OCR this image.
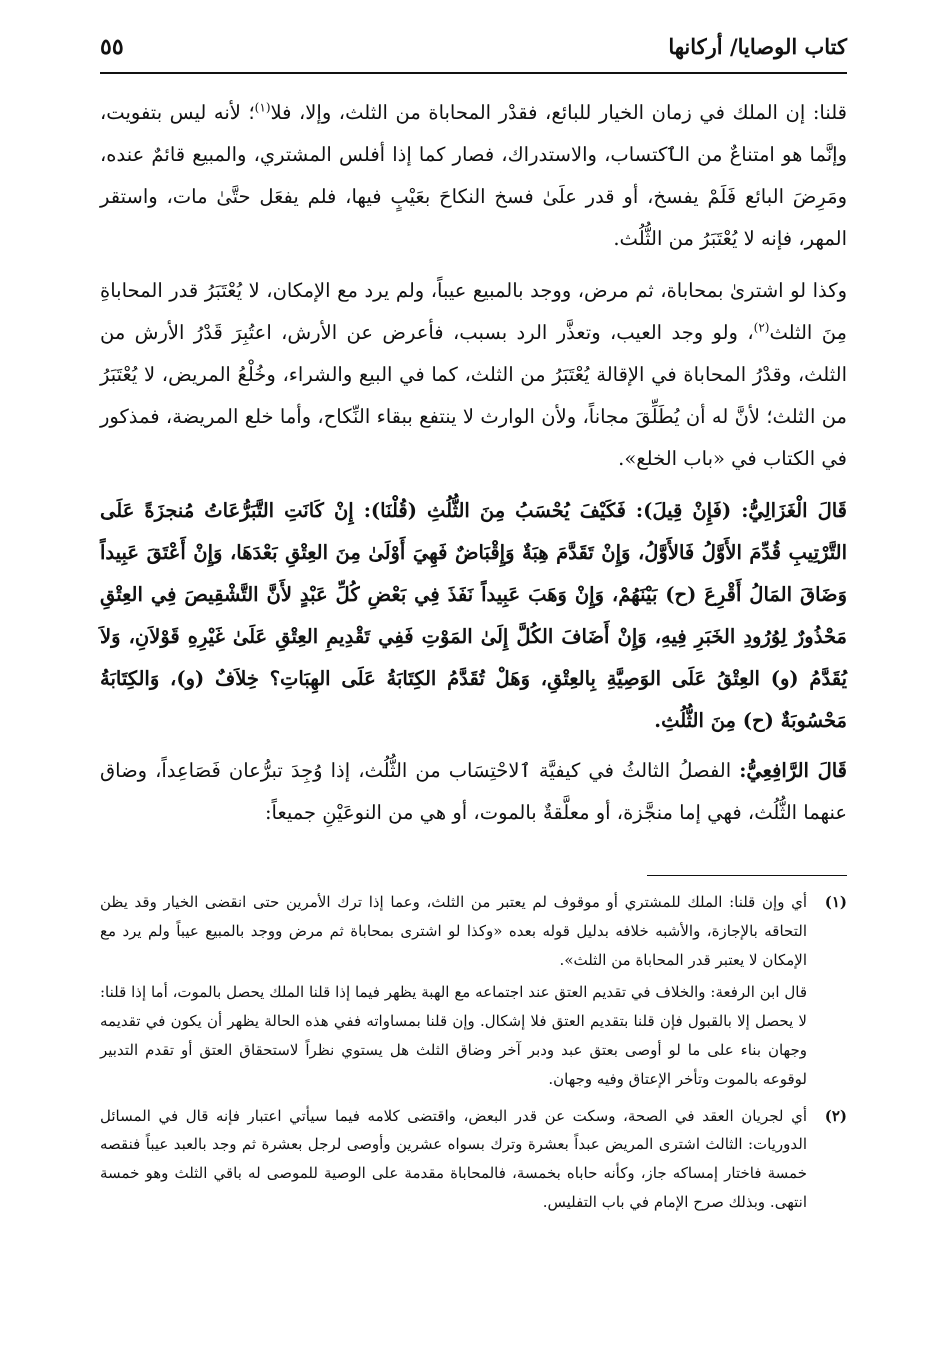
كتاب الوصايا/ أركانها
٥٥

قلنا: إن الملك في زمان الخيار للبائع، فقدْر المحاباة من الثلث، وإلا، فلا$^{(١)}$؛ لأنه ليس بتفويت، وإنَّما هو امتناعٌ من الٱكتساب، والاستدراك، فصار كما إذا أفلس المشتري، والمبيع قائمٌ عنده، ومَرِضَ البائع فَلَمْ يفسخ، أو قدر علَىٰ فسخ النكاحَ بعَيْبٍ فيها، فلم يفعَل حتَّىٰ مات، واستقر المهر، فإنه لا يُعْتَبَرُ من الثُّلُث.

وكذا لو اشترىٰ بمحاباة، ثم مرض، ووجد بالمبيع عيباً، ولم يرد مع الإمكان، لا يُعْتَبَرُ قدر المحاباةِ مِنَ الثلث$^{(٢)}$، ولو وجد العيب، وتعذَّر الرد بسبب، فأعرض عن الأرش، اعتُبِرَ قَدْرُ الأرش من الثلث، وقدْرُ المحاباة في الإقالة يُعْتَبَرُ من الثلث، كما في البيع والشراء، وخُلْعُ المريض، لا يُعْتَبَرُ من الثلث؛ لأنَّ له أن يُطَلِّقَ مجاناً، ولأن الوارث لا ينتفع ببقاء النِّكاح، وأما خلع المريضة، فمذكور في الكتاب في «باب الخلع».

قَالَ الْغَزَالِيُّ: (فَإِنْ قِيلَ): فَكَيْفَ يُحْسَبُ مِنَ الثُّلُثِ (قُلْنَا): إِنْ كَانَتِ التَّبَرُّعَاتُ مُنجزَةً عَلَى التَّرْتِيبِ قُدِّمَ الأَوَّلُ فَالأَوَّلُ، وَإِنْ تَقَدَّمَ هِبَةٌ وَإِقْبَاضٌ فَهِيَ أَوْلَىٰ مِنَ العِتْقِ بَعْدَهَا، وَإِنْ أَعْتَقَ عَبِيداً وَضَاقَ المَالُ أَقْرِعَ (ح) بَيْنَهُمْ، وَإِنْ وَهَبَ عَبِيداً نَفَذَ فِي بَعْضِ كُلِّ عَبْدٍ لأَنَّ التَّشْقِيصَ فِي العِتْقِ مَحْذُورٌ لِوُرُودِ الخَبَرِ فِيهِ، وَإِنْ أَضَافَ الكُلَّ إِلَىٰ المَوْتِ فَفِي تَقْدِيمِ العِتْقِ عَلَىٰ غَيْرِهِ قَوْلاَنِ، وَلاَ يُقَدَّمُ (و) العِتْقُ عَلَى الوَصِيَّةِ بِالعِتْقِ، وَهَلْ تُقَدَّمُ الكِتَابَةُ عَلَى الهِبَاتِ؟ خِلاَفٌ (و)، وَالكِتَابَةُ مَحْسُوبَةٌ (ح) مِنَ الثُّلُثِ.

قَالَ الرَّافِعِيُّ: الفصلُ الثالثُ في كيفيَّة ٱلاحْتِسَاب من الثُّلُث، إذا وُجِدَ تبرُّعان فَصَاعِداً، وضاق عنهما الثُّلُث، فهي إما منجَّزة، أو معلَّقةٌ بالموت، أو هي من النوعَيْنِ جميعاً:

(١)

أي وإن قلنا: الملك للمشتري أو موقوف لم يعتبر من الثلث، وعما إذا ترك الأمرين حتى انقضى الخيار وقد يظن التحاقه بالإجازة، والأشبه خلافه بدليل قوله بعده «وكذا لو اشترى بمحاباة ثم مرض ووجد بالمبيع عيباً ولم يرد مع الإمكان لا يعتبر قدر المحاباة من الثلث».

قال ابن الرفعة: والخلاف في تقديم العتق عند اجتماعه مع الهبة يظهر فيما إذا قلنا الملك يحصل بالموت، أما إذا قلنا: لا يحصل إلا بالقبول فإن قلنا بتقديم العتق فلا إشكال. وإن قلنا بمساواته ففي هذه الحالة يظهر أن يكون في تقديمه وجهان بناء على ما لو أوصى بعتق عبد ودبر آخر وضاق الثلث هل يستوي نظراً لاستحقاق العتق أو تقدم التدبير لوقوعه بالموت وتأخر الإعتاق وفيه وجهان.

(٢)

أي لجريان العقد في الصحة، وسكت عن قدر البعض، واقتضى كلامه فيما سيأتي اعتبار فإنه قال في المسائل الدوريات: الثالث اشترى المريض عبداً بعشرة وترك بسواه عشرين وأوصى لرجل بعشرة ثم وجد بالعبد عيباً فنقصه خمسة فاختار إمساكه جاز، وكأنه حاباه بخمسة، فالمحاباة مقدمة على الوصية للموصى له باقي الثلث وهو خمسة انتهى. وبذلك صرح الإمام في باب التفليس.
